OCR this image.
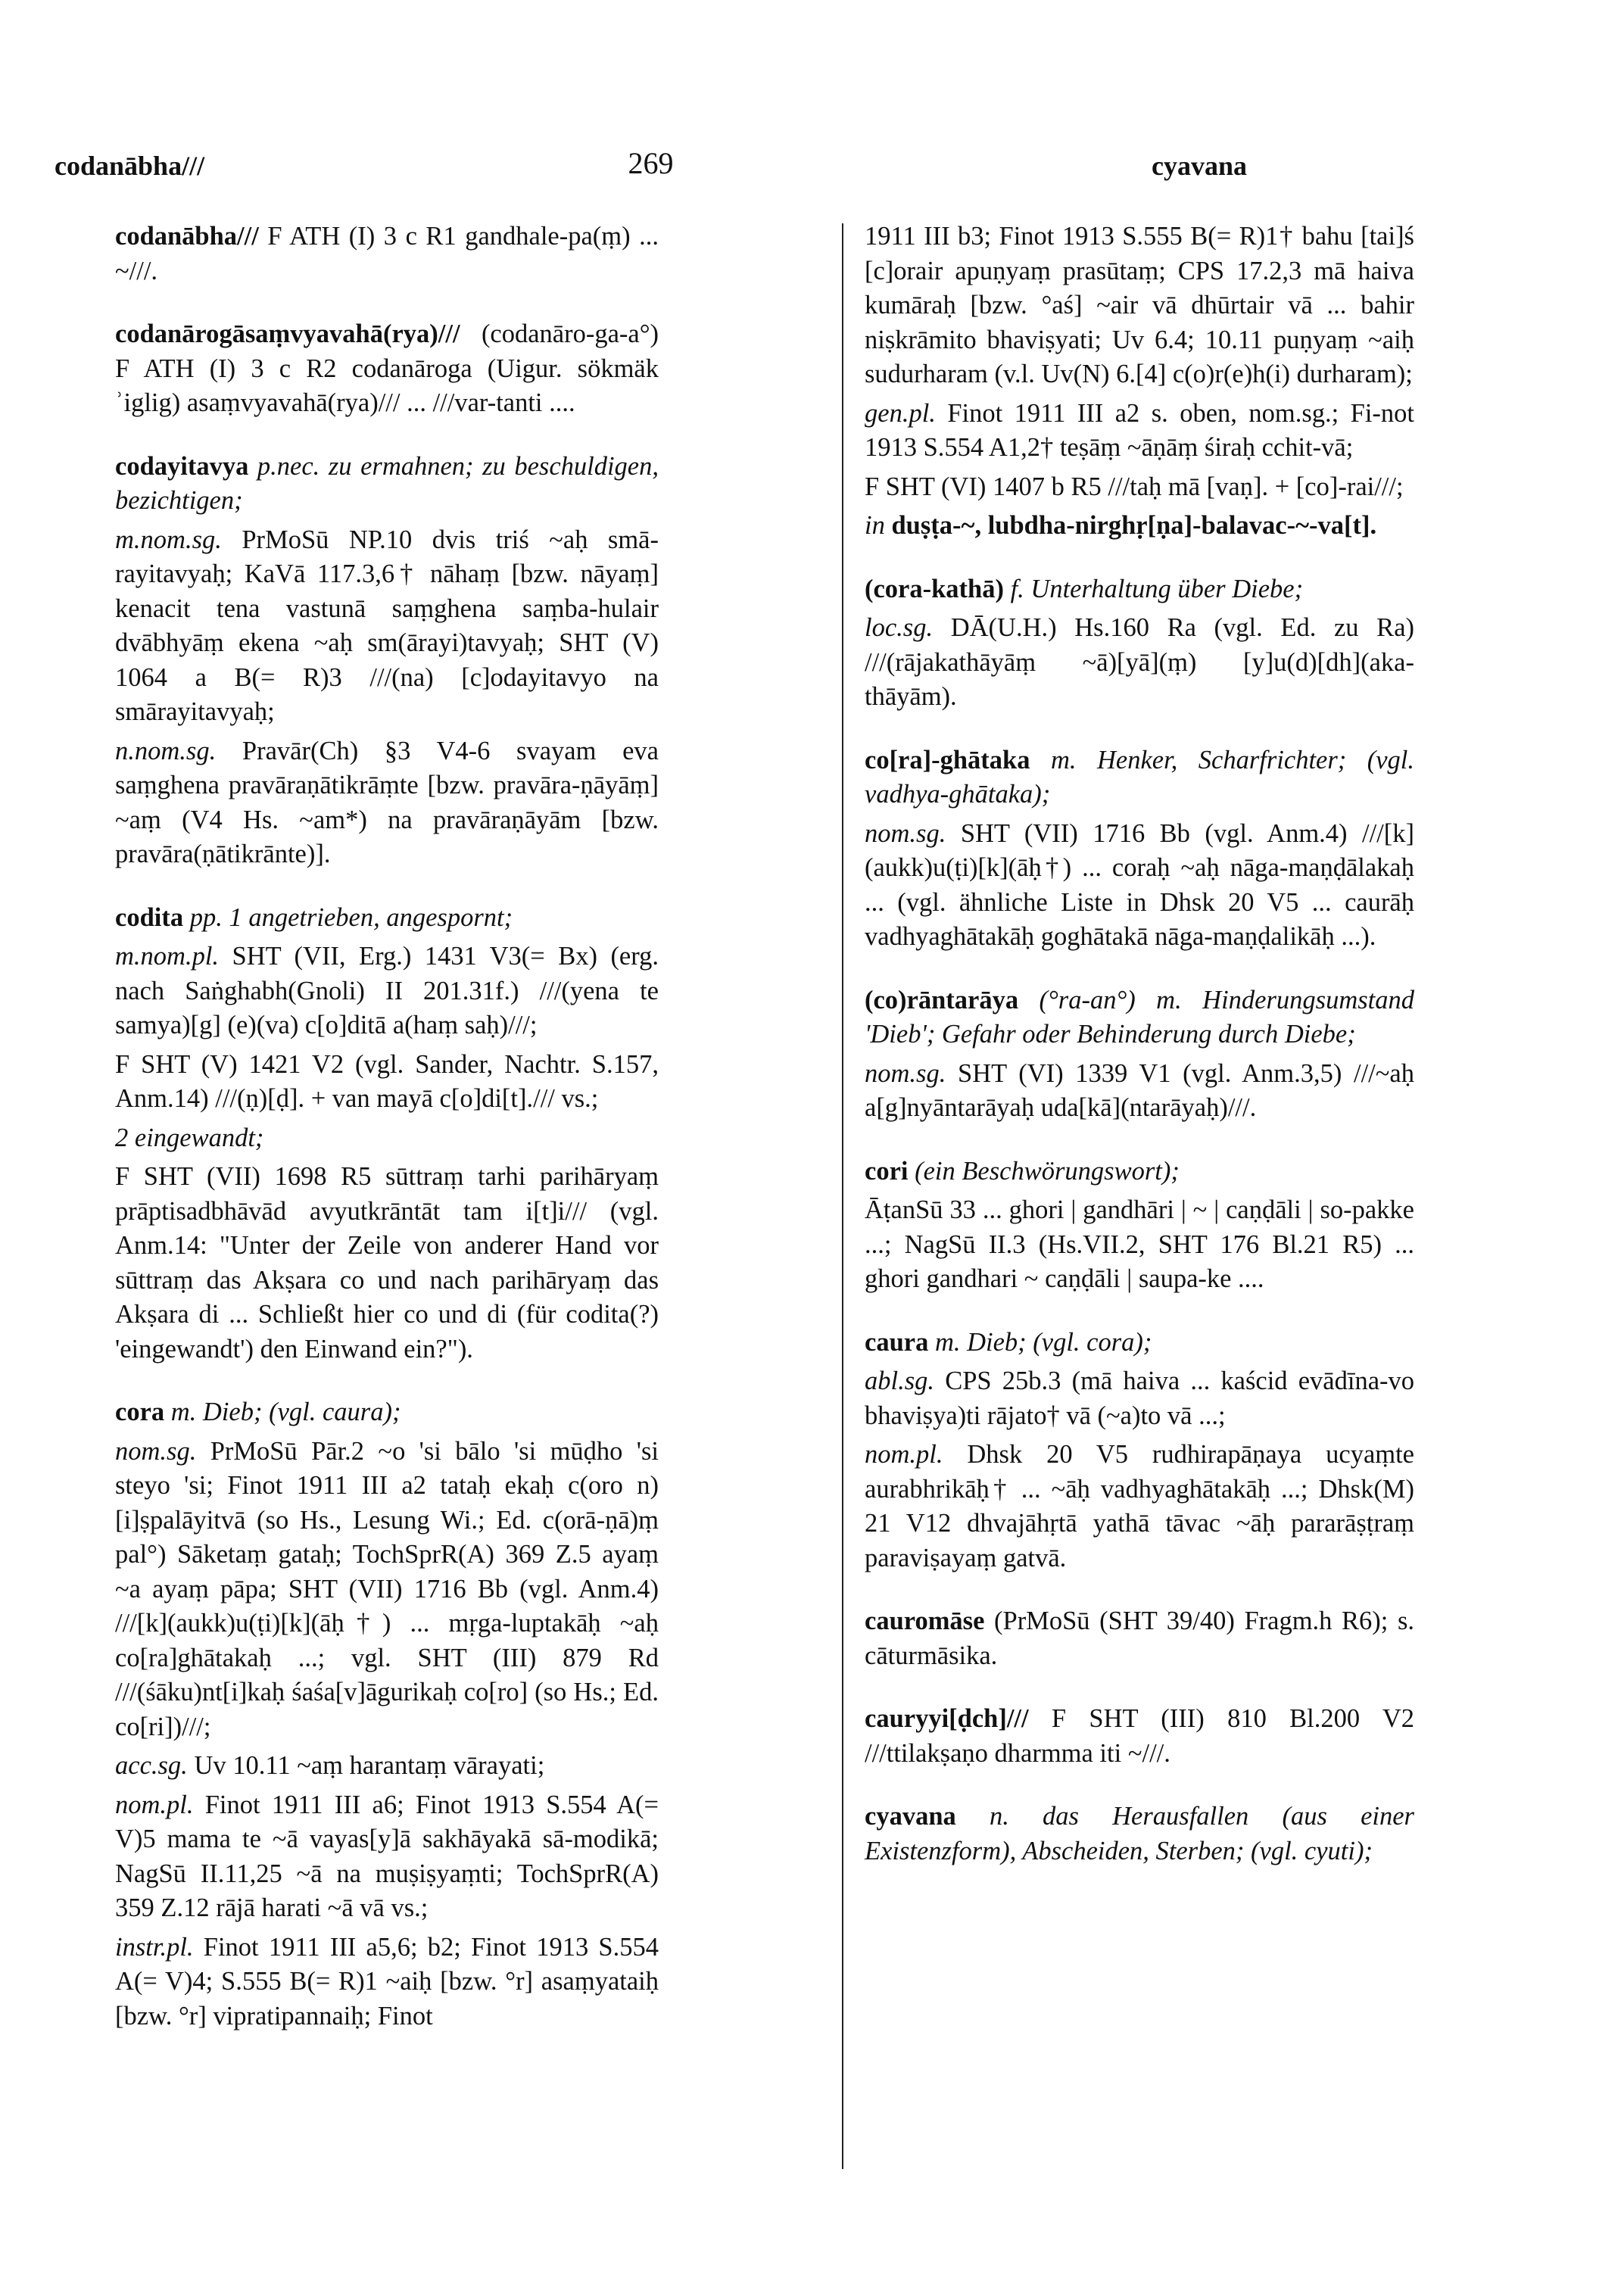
codanābha///	269	cyavana

codanābha/// F ATH (I) 3 c R1 gandhale-pa(ṃ) ... ~///.

codanārogāsaṃvyavahā(rya)/// (codanāro-ga-a°) F ATH (I) 3 c R2 codanāroga (Uigur. sökmäk ʾiglig) asaṃvyavahā(rya)/// ... ///var-tanti ....

codayitavya p.nec. zu ermahnen; zu beschuldigen, bezichtigen;

m.nom.sg. PrMoSū NP.10 dvis triś ~aḥ smā-rayitavyaḥ; KaVā 117.3,6† nāhaṃ [bzw. nāyaṃ] kenacit tena vastunā saṃghena saṃba-hulair dvābhyāṃ ekena ~aḥ sm(ārayi)tavyaḥ; SHT (V) 1064 a B(= R)3 ///(na) [c]odayitavyo na smārayitavyaḥ;

n.nom.sg. Pravār(Ch) §3 V4-6 svayam eva saṃghena pravāraṇātikrāṃte [bzw. pravāra-ṇāyāṃ] ~aṃ (V4 Hs. ~am*) na pravāraṇāyām [bzw. pravāra(ṇātikrānte)].

codita pp. 1 angetrieben, angespornt;

m.nom.pl. SHT (VII, Erg.) 1431 V3(= Bx) (erg. nach Saṅghabh(Gnoli) II 201.31f.) ///(yena te samya)[g] (e)(va) c[o]ditā a(haṃ saḥ)///;

F SHT (V) 1421 V2 (vgl. Sander, Nachtr. S.157, Anm.14) ///(ṇ)[ḍ]. + van mayā c[o]di[t]./// vs.;

2 eingewandt;

F SHT (VII) 1698 R5 sūttraṃ tarhi parihāryaṃ prāptisadbhāvād avyutkrāntāt tam i[t]i/// (vgl. Anm.14: "Unter der Zeile von anderer Hand vor sūttraṃ das Akṣara co und nach parihāryaṃ das Akṣara di ... Schließt hier co und di (für codita(?) 'eingewandt') den Einwand ein?").

cora m. Dieb; (vgl. caura);

nom.sg. PrMoSū Pār.2 ~o 'si bālo 'si mūḍho 'si steyo 'si; Finot 1911 III a2 tataḥ ekaḥ c(oro n)[i]ṣpalāyitvā (so Hs., Lesung Wi.; Ed. c(orā-ṇā)ṃ pal°) Sāketaṃ gataḥ; TochSprR(A) 369 Z.5 ayaṃ ~a ayaṃ pāpa; SHT (VII) 1716 Bb (vgl. Anm.4) ///[k](aukk)u(ṭi)[k](āḥ†) ... mṛga-luptakāḥ ~aḥ co[ra]ghātakaḥ ...; vgl. SHT (III) 879 Rd ///(śāku)nt[i]kaḥ śaśa[v]āgurikaḥ co[ro] (so Hs.; Ed. co[ri])///;

acc.sg. Uv 10.11 ~aṃ harantaṃ vārayati;

nom.pl. Finot 1911 III a6; Finot 1913 S.554 A(= V)5 mama te ~ā vayas[y]ā sakhāyakā sā-modikā; NagSū II.11,25 ~ā na muṣiṣyaṃti; TochSprR(A) 359 Z.12 rājā harati ~ā vā vs.;

instr.pl. Finot 1911 III a5,6; b2; Finot 1913 S.554 A(= V)4; S.555 B(= R)1 ~aiḥ [bzw. °r] asaṃyataiḥ [bzw. °r] vipratipannaiḥ; Finot

1911 III b3; Finot 1913 S.555 B(= R)1† bahu [tai]ś [c]orair apuṇyaṃ prasūtaṃ; CPS 17.2,3 mā haiva kumāraḥ [bzw. °aś] ~air vā dhūrtair vā ... bahir niṣkrāmito bhaviṣyati; Uv 6.4; 10.11 puṇyaṃ ~aiḥ sudurharam (v.l. Uv(N) 6.[4] c(o)r(e)h(i) durharam);

gen.pl. Finot 1911 III a2 s. oben, nom.sg.; Fi-not 1913 S.554 A1,2† teṣāṃ ~āṇāṃ śiraḥ cchit-vā;

F SHT (VI) 1407 b R5 ///taḥ mā [vaṇ]. + [co]-rai///;

in duṣṭa-~, lubdha-nirghṛ[ṇa]-balavac-~-va[t].

(cora-kathā) f. Unterhaltung über Diebe;

loc.sg. DĀ(U.H.) Hs.160 Ra (vgl. Ed. zu Ra) ///(rājakathāyāṃ ~ā)[yā](ṃ) [y]u(d)[dh](aka-thāyām).

co[ra]-ghātaka m. Henker, Scharfrichter; (vgl. vadhya-ghātaka);

nom.sg. SHT (VII) 1716 Bb (vgl. Anm.4) ///[k](aukk)u(ṭi)[k](āḥ†) ... coraḥ ~aḥ nāga-maṇḍālakaḥ ... (vgl. ähnliche Liste in Dhsk 20 V5 ... caurāḥ vadhyaghātakāḥ goghātakā nāga-maṇḍalikāḥ ...).

(co)rāntarāya (°ra-an°) m. Hinderungsumstand 'Dieb'; Gefahr oder Behinderung durch Diebe;

nom.sg. SHT (VI) 1339 V1 (vgl. Anm.3,5) ///~aḥ a[g]nyāntarāyaḥ uda[kā](ntarāyaḥ)///.

cori (ein Beschwörungswort);

ĀṭanSū 33 ... ghori | gandhāri | ~ | caṇḍāli | so-pakke ...; NagSū II.3 (Hs.VII.2, SHT 176 Bl.21 R5) ... ghori gandhari ~ caṇḍāli | saupa-ke ....

caura m. Dieb; (vgl. cora);

abl.sg. CPS 25b.3 (mā haiva ... kaścid evādīna-vo bhaviṣya)ti rājato† vā (~a)to vā ...;

nom.pl. Dhsk 20 V5 rudhirapāṇaya ucyaṃte aurabhrikāḥ† ... ~āḥ vadhyaghātakāḥ ...; Dhsk(M) 21 V12 dhvajāhṛtā yathā tāvac ~āḥ pararāṣṭraṃ paraviṣayaṃ gatvā.

cauromāse (PrMoSū (SHT 39/40) Fragm.h R6); s. cāturmāsika.

cauryyi[ḍch]/// F SHT (III) 810 Bl.200 V2 ///ttilakṣaṇo dharmma iti ~///.

cyavana n. das Herausfallen (aus einer Existenzform), Abscheiden, Sterben; (vgl. cyuti);
